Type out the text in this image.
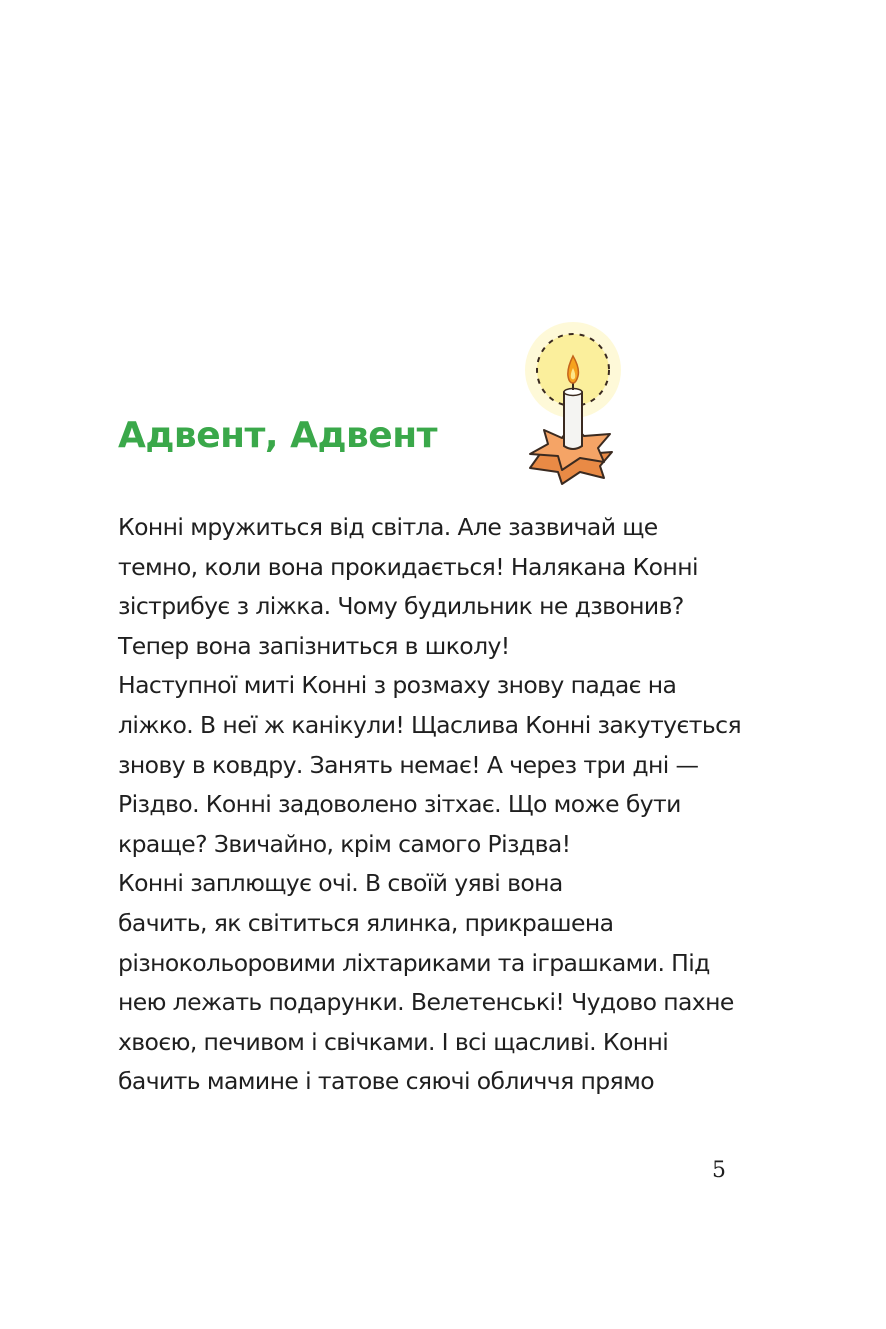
Адвент, Адвент
Конні мружиться від світла. Але зазвичай ще
темно, коли вона прокидається! Налякана Конні
зістрибує з ліжка. Чому будильник не дзвонив?
Тепер вона запізниться в школу!
Наступної миті Конні з розмаху знову падає на
ліжко. В неї ж канікули! Щаслива Конні закутується
знову в ковдру. Занять немає! А через три дні —
Різдво. Конні задоволено зітхає. Що може бути
краще? Звичайно, крім самого Різдва!
Конні заплющує очі. В своїй уяві вона
бачить, як світиться ялинка, прикрашена
різнокольоровими ліхтариками та іграшками. Під
нею лежать подарунки. Велетенські! Чудово пахне
хвоєю, печивом і свічками. І всі щасливі. Конні
бачить мамине і татове сяючі обличчя прямо
5
